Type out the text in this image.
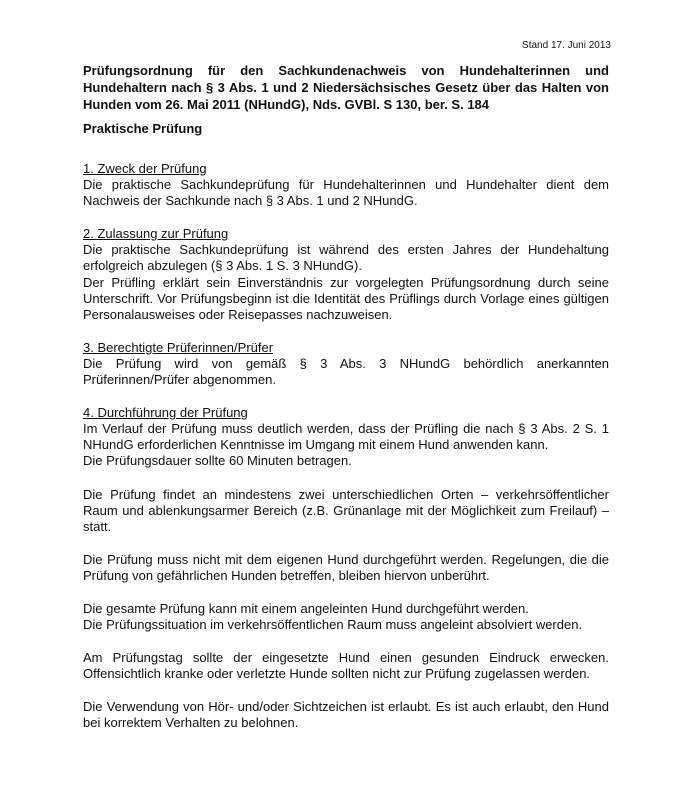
Stand 17. Juni 2013
Prüfungsordnung für den Sachkundenachweis von Hundehalterinnen und Hundehaltern nach § 3 Abs. 1 und 2 Niedersächsisches Gesetz über das Halten von Hunden vom 26. Mai 2011 (NHundG), Nds. GVBl. S 130, ber. S. 184
Praktische Prüfung
1. Zweck der Prüfung

Die praktische Sachkundeprüfung für Hundehalterinnen und Hundehalter dient dem Nachweis der Sachkunde nach § 3 Abs. 1 und 2 NHundG.

2. Zulassung zur Prüfung

Die praktische Sachkundeprüfung ist während des ersten Jahres der Hundehaltung erfolgreich abzulegen (§ 3 Abs. 1 S. 3 NHundG).

Der Prüfling erklärt sein Einverständnis zur vorgelegten Prüfungsordnung durch seine Unterschrift. Vor Prüfungsbeginn ist die Identität des Prüflings durch Vorlage eines gültigen Personalausweises oder Reisepasses nachzuweisen.

3. Berechtigte Prüferinnen/Prüfer

Die Prüfung wird von gemäß § 3 Abs. 3 NHundG behördlich anerkannten Prüferinnen/Prüfer abgenommen.

4. Durchführung der Prüfung

Im Verlauf der Prüfung muss deutlich werden, dass der Prüfling die nach § 3 Abs. 2 S. 1 NHundG erforderlichen Kenntnisse im Umgang mit einem Hund anwenden kann.

Die Prüfungsdauer sollte 60 Minuten betragen.

Die Prüfung findet an mindestens zwei unterschiedlichen Orten – verkehrsöffentlicher Raum und ablenkungsarmer Bereich (z.B. Grünanlage mit der Möglichkeit zum Freilauf) – statt.

Die Prüfung muss nicht mit dem eigenen Hund durchgeführt werden. Regelungen, die die Prüfung von gefährlichen Hunden betreffen, bleiben hiervon unberührt.

Die gesamte Prüfung kann mit einem angeleinten Hund durchgeführt werden.

Die Prüfungssituation im verkehrsöffentlichen Raum muss angeleint absolviert werden.

Am Prüfungstag sollte der eingesetzte Hund einen gesunden Eindruck erwecken. Offensichtlich kranke oder verletzte Hunde sollten nicht zur Prüfung zugelassen werden.

Die Verwendung von Hör- und/oder Sichtzeichen ist erlaubt. Es ist auch erlaubt, den Hund bei korrektem Verhalten zu belohnen.
